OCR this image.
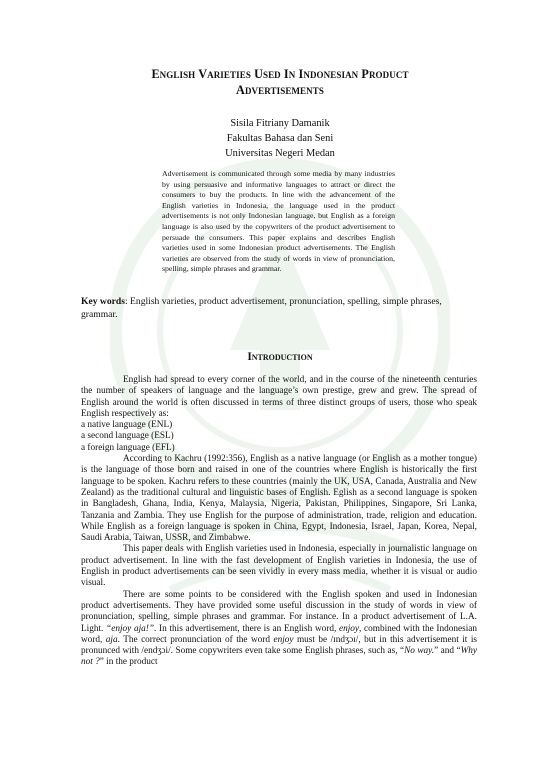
English Varieties Used In Indonesian Product
Advertisements
Sisila Fitriany Damanik
Fakultas Bahasa dan Seni
Universitas Negeri Medan
Advertisement is communicated through some media by many industries by using persuasive and informative languages to attract or direct the consumers to buy the products. In line with the advancement of the English varieties in Indonesia, the language used in the product advertisements is not only Indonesian language, but English as a foreign language is also used by the copywriters of the product advertisement to persuade the consumers. This paper explains and describes English varieties used in some Indonesian product advertisements. The English varieties are observed from the study of words in view of pronunciation, spelling, simple phrases and grammar.
Key words: English varieties, product advertisement, pronunciation, spelling, simple phrases, grammar.
Introduction

English had spread to every corner of the world, and in the course of the nineteenth centuries the number of speakers of language and the language’s own prestige, grew and grew. The spread of English around the world is often discussed in terms of three distinct groups of users, those who speak English respectively as:

a native language (ENL)

a second language (ESL)

a foreign language (EFL)

According to Kachru (1992:356), English as a native language (or English as a mother tongue) is the language of those born and raised in one of the countries where English is historically the first language to be spoken. Kachru refers to these countries (mainly the UK, USA, Canada, Australia and New Zealand) as the traditional cultural and linguistic bases of English. Eglish as a second language is spoken in Bangladesh, Ghana, India, Kenya, Malaysia, Nigeria, Pakistan, Philippines, Singapore, Sri Lanka, Tanzania and Zambia. They use English for the purpose of administration, trade, religion and education. While English as a foreign language is spoken in China, Egypt, Indonesia, Israel, Japan, Korea, Nepal, Saudi Arabia, Taiwan, USSR, and Zimbabwe.

This paper deals with English varieties used in Indonesia, especially in journalistic language on product advertisement. In line with the fast development of English varieties in Indonesia, the use of English in product advertisements can be seen vividly in every mass media, whether it is visual or audio visual.

There are some points to be considered with the English spoken and used in Indonesian product advertisements. They have provided some useful discussion in the study of words in view of pronunciation, spelling, simple phrases and grammar. For instance. In a product advertisement of L.A. Light. “enjoy aja!”. In this advertisement, there is an English word, enjoy, combined with the Indonesian word, aja. The correct pronunciation of the word enjoy must be /ɪndʒɔɪ/, but in this advertisement it is pronunced with /endʒɔi/. Some copywriters even take some English phrases, such as, “No way.” and “Why not ?” in the product
